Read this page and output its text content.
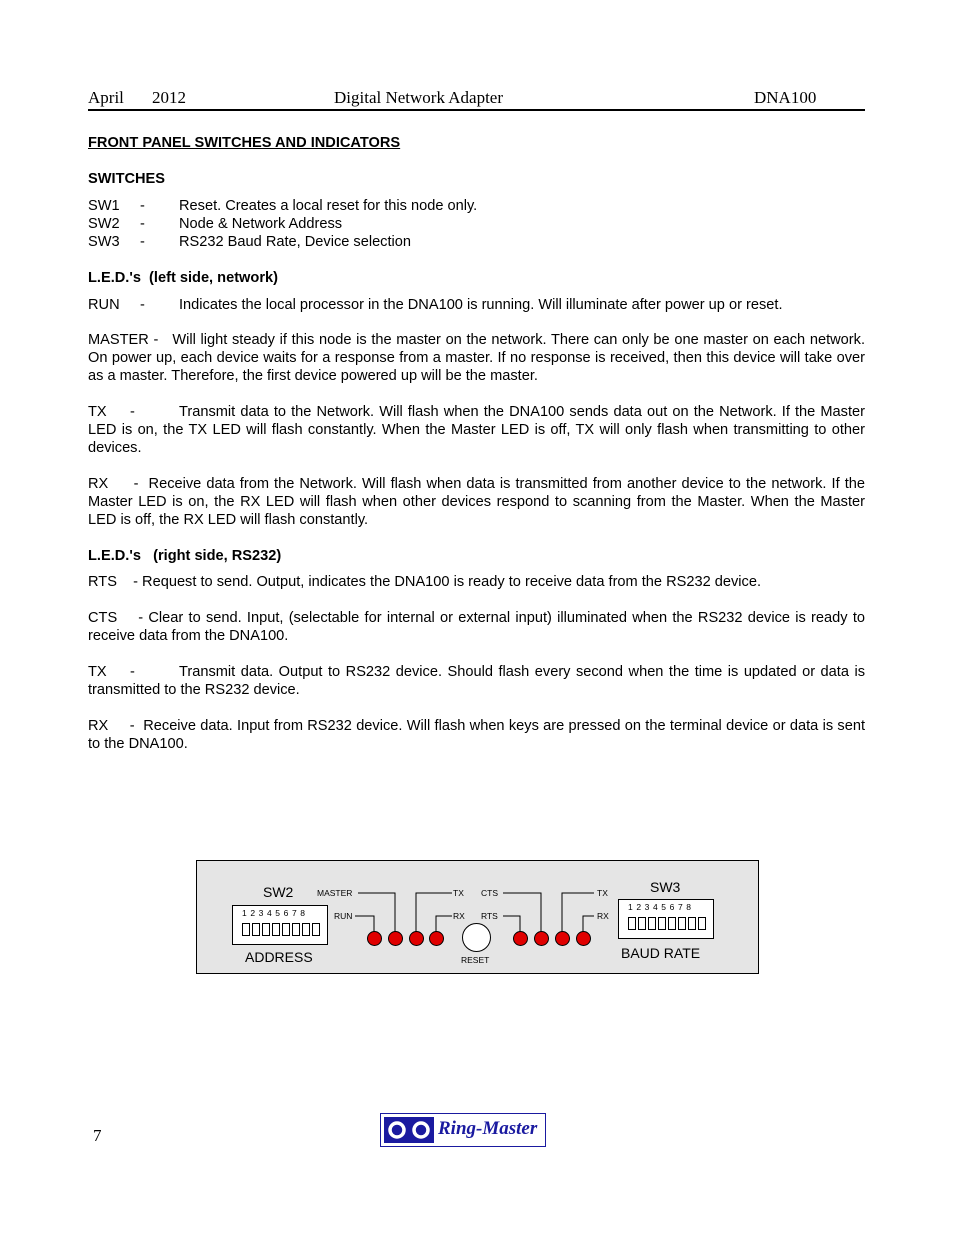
April 2012	Digital Network Adapter	DNA100
FRONT PANEL SWITCHES AND INDICATORS
SWITCHES
SW1 - Reset. Creates a local reset for this node only.
SW2 - Node & Network Address
SW3 - RS232 Baud Rate, Device selection
L.E.D.'s  (left side, network)
RUN - Indicates the local processor in the DNA100 is running. Will illuminate after power up or reset.
MASTER -   Will light steady if this node is the master on the network. There can only be one master on each network. On power up, each device waits for a response from a master. If no response is received, then this device will take over as a master. Therefore, the first device powered up will be the master.
TX -	Transmit data to the Network. Will flash when the DNA100 sends data out on the Network. If the Master LED is on, the TX LED will flash constantly. When the Master LED is off, TX will only flash when transmitting to other devices.
RX     -  Receive data from the Network. Will flash when data is transmitted from another device to the network. If the Master LED is on, the RX LED will flash when other devices respond to scanning from the Master. When the Master LED is off, the RX LED will flash constantly.
L.E.D.'s   (right side, RS232)
RTS    - Request to send. Output, indicates the DNA100 is ready to receive data from the RS232 device.
CTS    - Clear to send. Input, (selectable for internal or external input) illuminated when the RS232 device is ready to receive data from the DNA100.
TX -	Transmit data. Output to RS232 device. Should flash every second when the time is updated or data is transmitted to the RS232 device.
RX     -  Receive data. Input from RS232 device. Will flash when keys are pressed on the terminal device or data is sent to the DNA100.
SW2
12345678
ADDRESS
MASTER
RUN
TX
RX
CTS
RTS
TX
RX
RESET
SW3
12345678
BAUD RATE
7	Ring-Master
